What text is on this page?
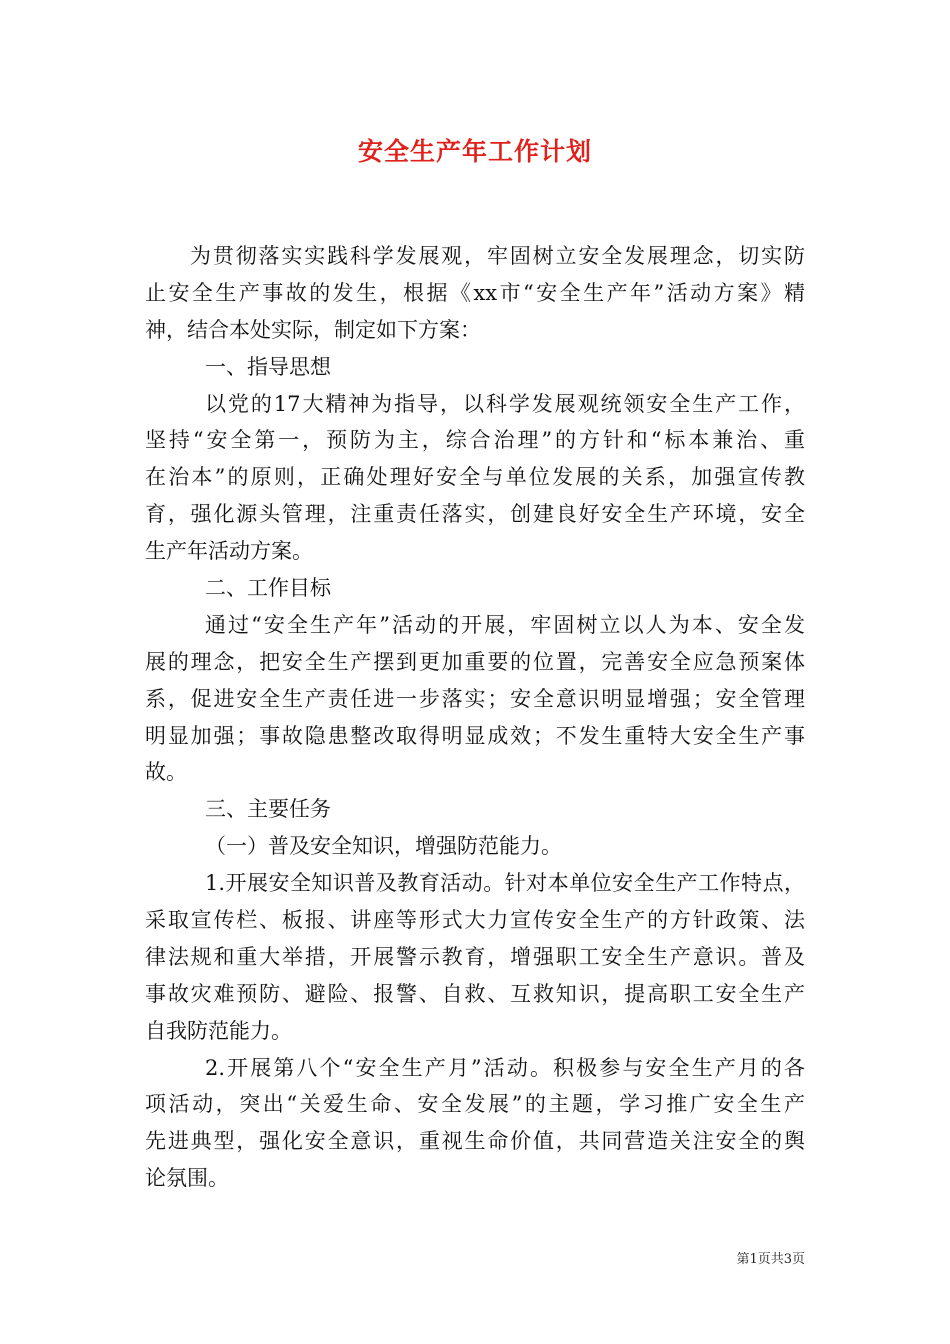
安全生产年工作计划
为贯彻落实实践科学发展观，牢固树立安全发展理念，切实防
止安全生产事故的发生，根据《xx市“安全生产年”活动方案》精
神，结合本处实际，制定如下方案：
一、指导思想
以党的17大精神为指导，以科学发展观统领安全生产工作，
坚持“安全第一，预防为主，综合治理”的方针和“标本兼治、重
在治本”的原则，正确处理好安全与单位发展的关系，加强宣传教
育，强化源头管理，注重责任落实，创建良好安全生产环境，安全
生产年活动方案。
二、工作目标
通过“安全生产年”活动的开展，牢固树立以人为本、安全发
展的理念，把安全生产摆到更加重要的位置，完善安全应急预案体
系，促进安全生产责任进一步落实；安全意识明显增强；安全管理
明显加强；事故隐患整改取得明显成效；不发生重特大安全生产事
故。
三、主要任务
（一）普及安全知识，增强防范能力。
1.开展安全知识普及教育活动。针对本单位安全生产工作特点，
采取宣传栏、板报、讲座等形式大力宣传安全生产的方针政策、法
律法规和重大举措，开展警示教育，增强职工安全生产意识。普及
事故灾难预防、避险、报警、自救、互救知识，提高职工安全生产
自我防范能力。
2.开展第八个“安全生产月”活动。积极参与安全生产月的各
项活动，突出“关爱生命、安全发展”的主题，学习推广安全生产
先进典型，强化安全意识，重视生命价值，共同营造关注安全的舆
论氛围。
第1页共3页
